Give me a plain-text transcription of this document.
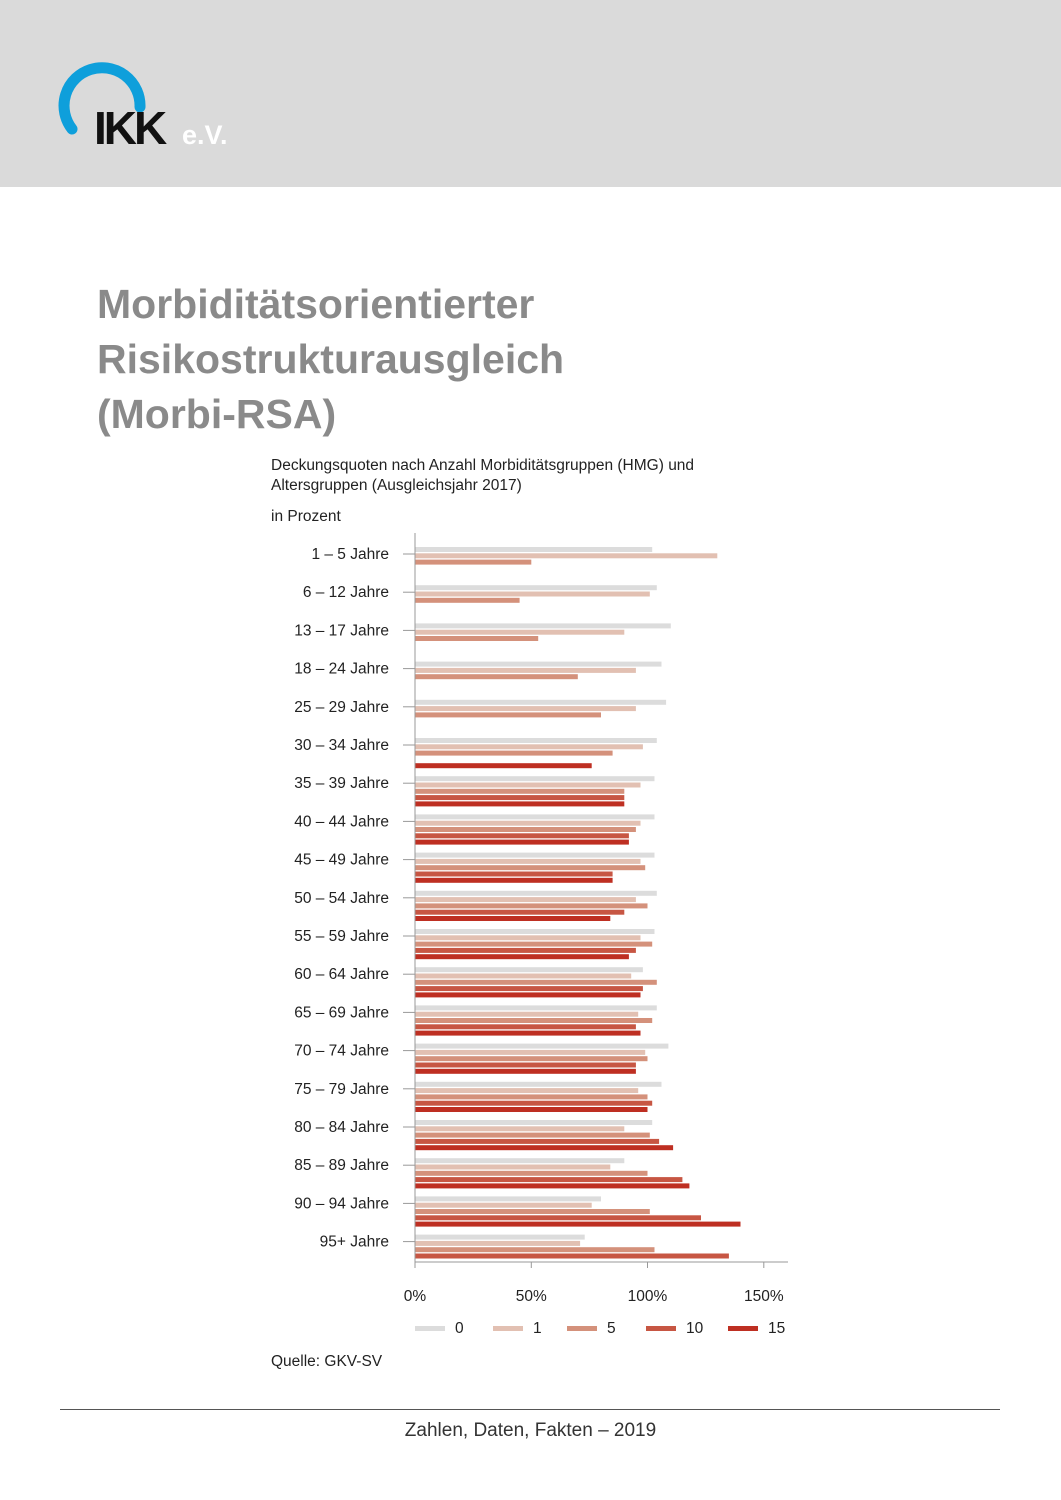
IKK e.V.
Morbiditätsorientierter
Risikostrukturausgleich
(Morbi-RSA)
Deckungsquoten nach Anzahl Morbiditätsgruppen (HMG) und Altersgruppen (Ausgleichsjahr 2017)
in Prozent
1 – 5 Jahre
6 – 12 Jahre
13 – 17 Jahre
18 – 24 Jahre
25 – 29 Jahre
30 – 34 Jahre
35 – 39 Jahre
40 – 44 Jahre
45 – 49 Jahre
50 – 54 Jahre
55 – 59 Jahre
60 – 64 Jahre
65 – 69 Jahre
70 – 74 Jahre
75 – 79 Jahre
80 – 84 Jahre
85 – 89 Jahre
90 – 94 Jahre
95+ Jahre
0%	50%	100%	150%
0	1	5	10	15
Quelle: GKV-SV
Zahlen, Daten, Fakten – 2019
